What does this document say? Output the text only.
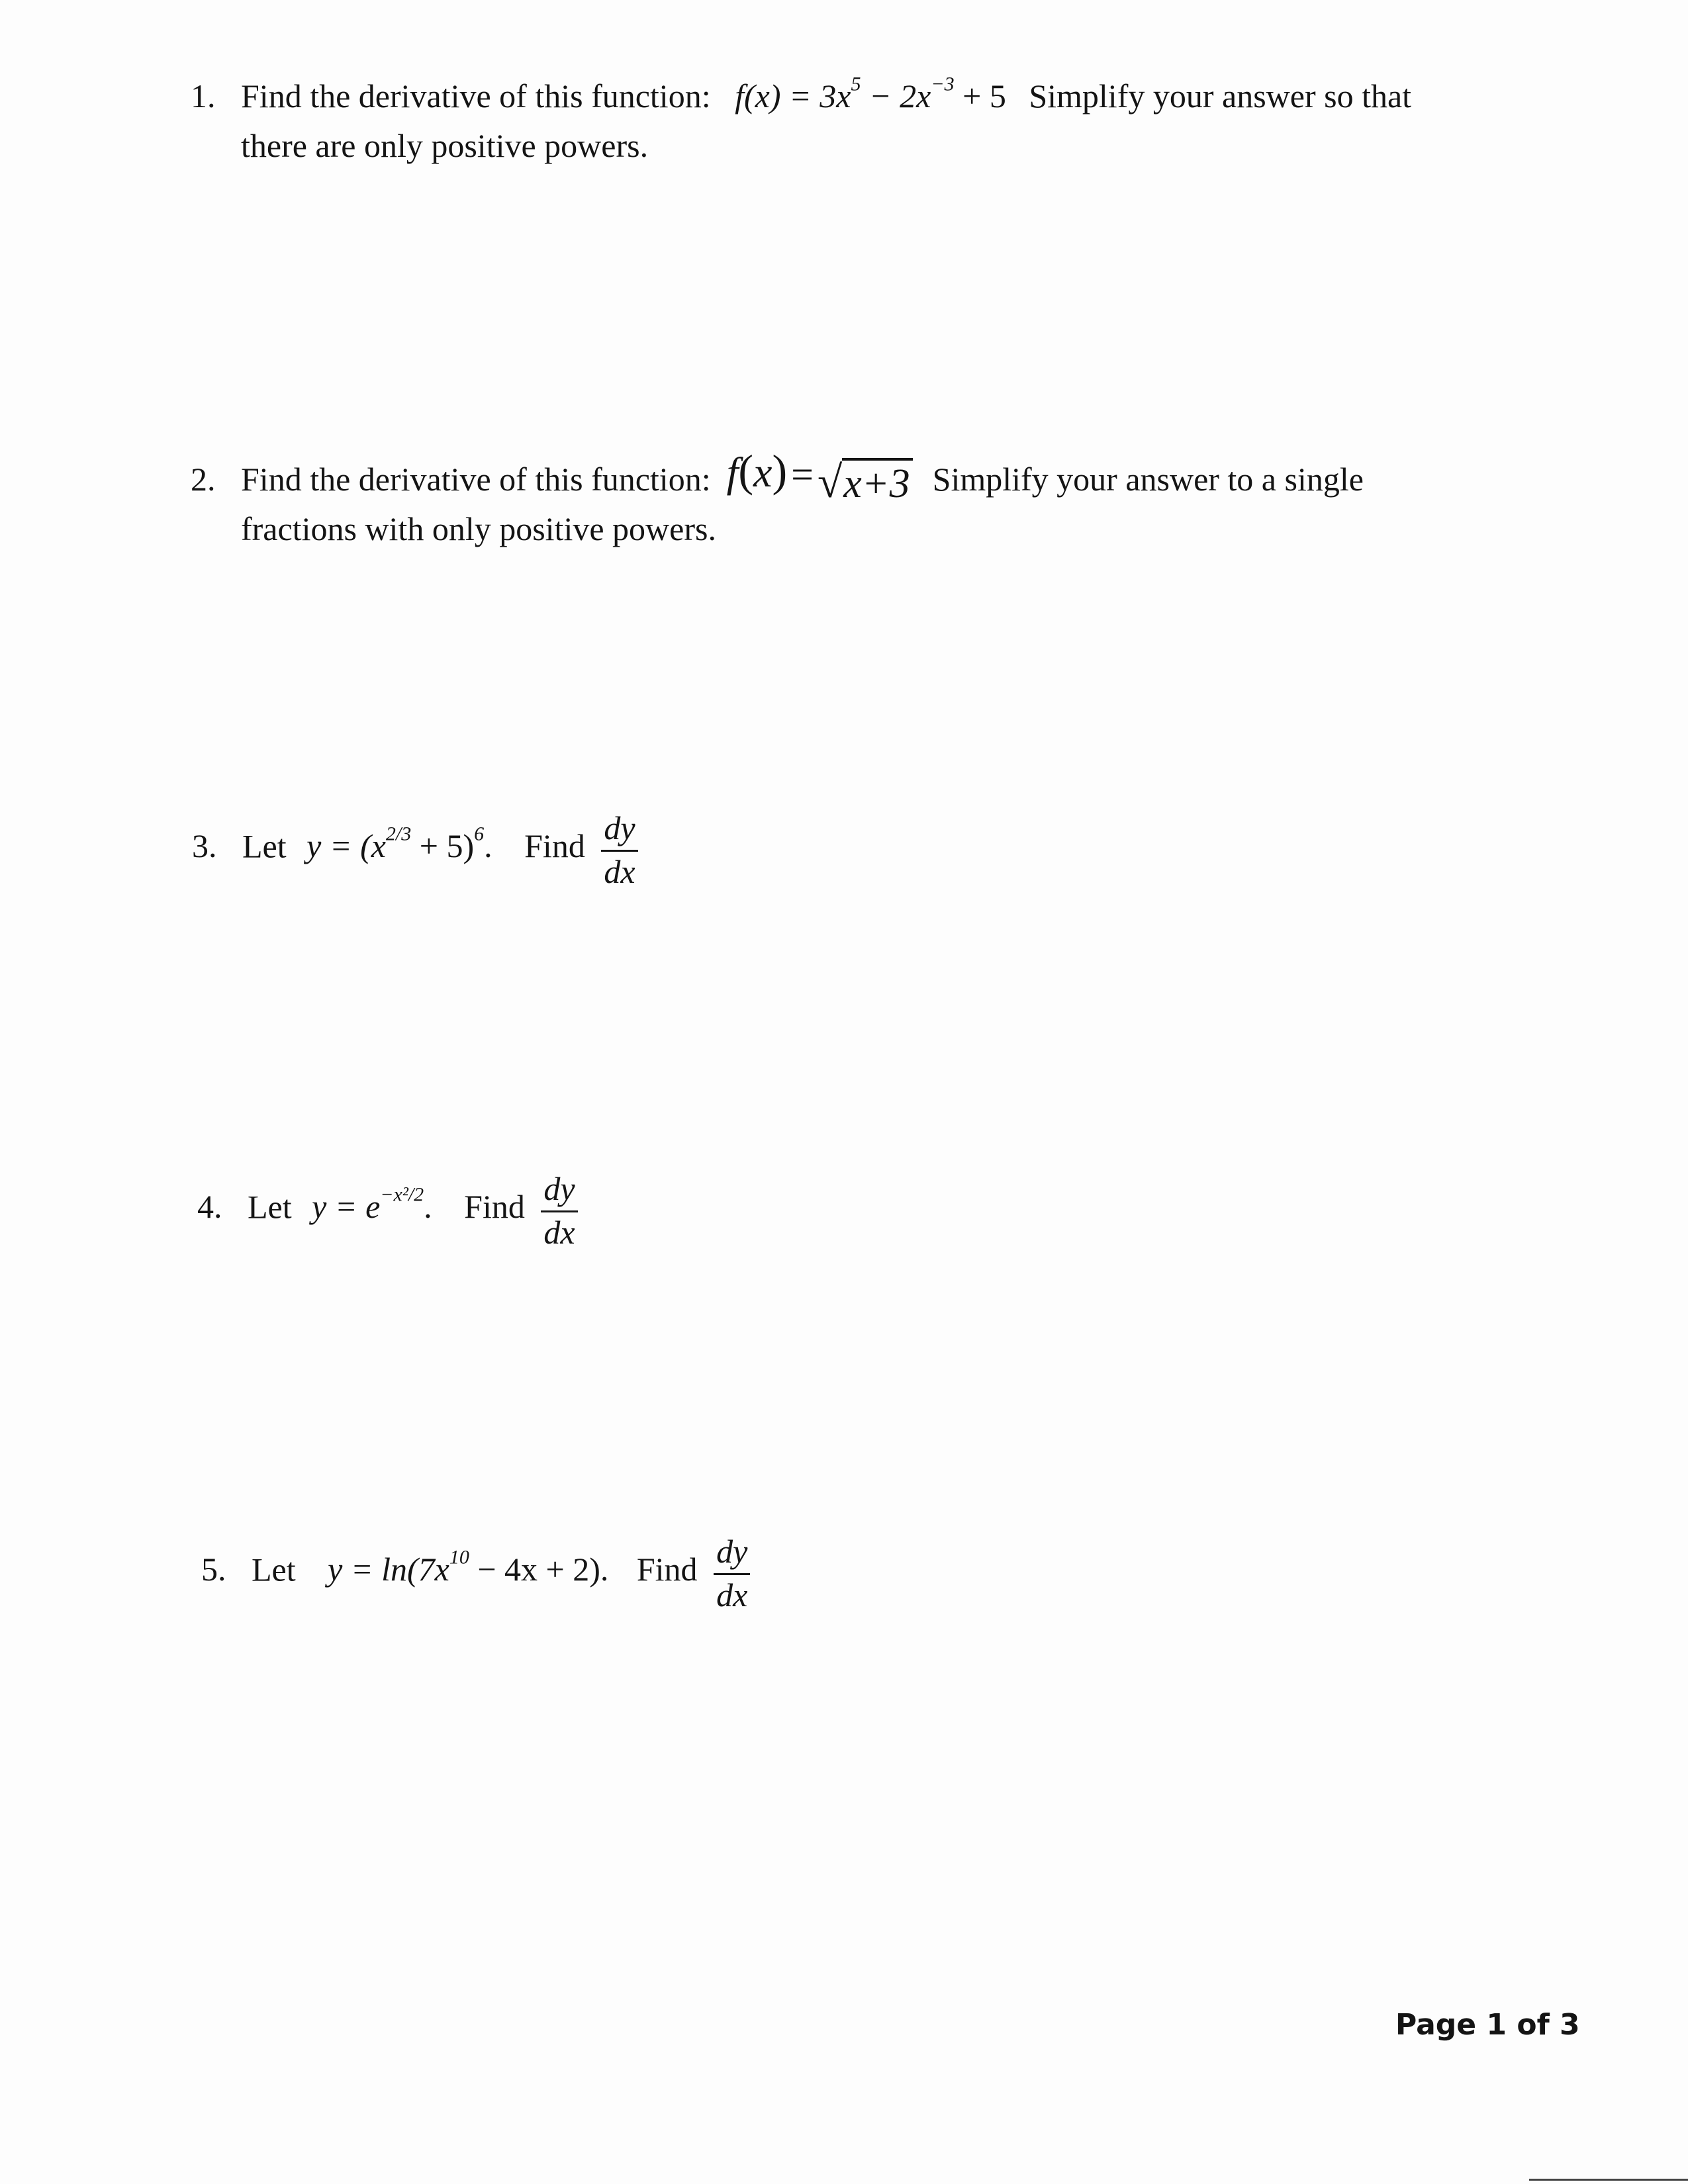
1. Find the derivative of this function: $f(x) = 3x^5 - 2x^{-3} + 5$ Simplify your answer so that
there are only positive powers.
2. Find the derivative of this function: f ( x ) = √ x+3 Simplify your answer to a single
fractions with only positive powers.
3. Let $y = (x^{2/3} + 5)^6$. Find $\frac{dy}{dx}$
4. Let $y = e^{-x^2/2}$. Find $\frac{dy}{dx}$
5. Let $y = \ln(7x^{10} - 4x + 2)$. Find $\frac{dy}{dx}$
Page 1 of 3
